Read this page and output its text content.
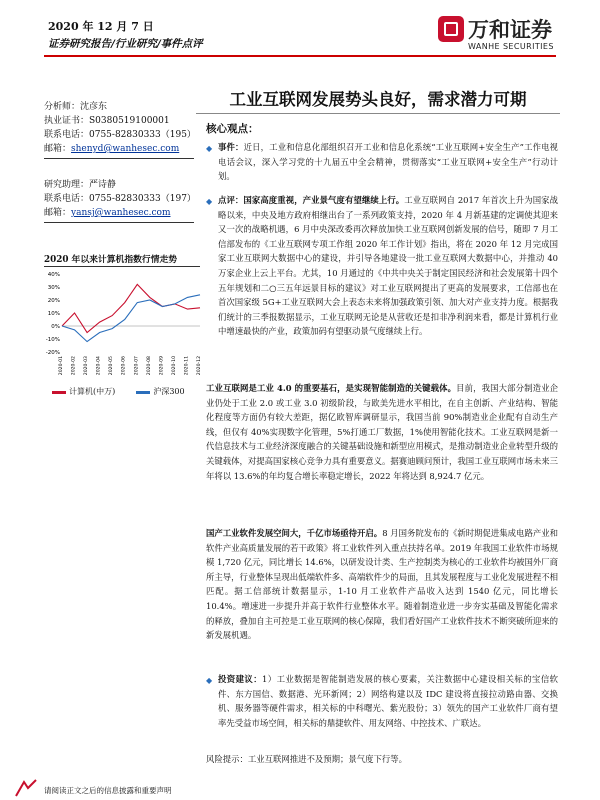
2020 年 12 月 7 日
证券研究报告/行业研究/事件点评
万和证券
WANHE SECURITIES
分析师：沈彦东
执业证书：S0380519100001
联系电话：0755-82830333（195）
邮箱：shenyd@wanhesec.com
研究助理：严诗静
联系电话：0755-82830333（197）
邮箱：yansj@wanhesec.com
2020 年以来计算机指数行情走势
40%
30%
20%
10%
0%
-10%
-20%
2020-01 2020-02 2020-03 2020-04 2020-05 2020-06 2020-07 2020-08 2020-09 2020-10 2020-11 2020-12
计算机(中万)	沪深300
工业互联网发展势头良好，需求潜力可期
核心观点：
◆ 事件：近日，工业和信息化部组织召开工业和信息化系统“工业互联网+安全生产”工作电视电话会议，深入学习党的十九届五中全会精神，贯彻落实“工业互联网+安全生产”行动计划。
◆ 点评：国家高度重视，产业景气度有望继续上行。工业互联网自 2017 年首次上升为国家战略以来，中央及地方政府相继出台了一系列政策支持，2020 年 4 月新基建的定调使其迎来又一次的战略机遇，6 月中央深改委再次释放加快工业互联网创新发展的信号，随即 7 月工信部发布的《工业互联网专项工作组 2020 年工作计划》指出，将在 2020 年 12 月完成国家工业互联网大数据中心的建设，并引导各地建设一批工业互联网大数据中心，并推动 40 万家企业上云上平台。尤其，10 月通过的《中共中央关于制定国民经济和社会发展第十四个五年规划和二○三五年远景目标的建议》对工业互联网提出了更高的发展要求，工信部也在首次国家级 5G+工业互联网大会上表态未来将加强政策引领、加大对产业支持力度。根据我们统计的三季报数据显示，工业互联网无论是从营收还是扣非净利润来看，都是计算机行业中增速最快的产业，政策加码有望驱动景气度继续上行。
工业互联网是工业 4.0 的重要基石，是实现智能制造的关键载体。目前，我国大部分制造业企业仍处于工业 2.0 或工业 3.0 初级阶段，与欧美先进水平相比，在自主创新、产业结构、智能化程度等方面仍有较大差距，据亿欧智库调研显示，我国当前 90%制造业企业配有自动生产线，但仅有 40%实现数字化管理，5%打通工厂数据，1%使用智能化技术。工业互联网是新一代信息技术与工业经济深度融合的关键基础设施和新型应用模式，是推动制造业企业转型升级的关键载体，对提高国家核心竞争力具有重要意义。据赛迪顾问预计，我国工业互联网市场未来三年将以 13.6%的年均复合增长率稳定增长，2022 年将达到 8,924.7 亿元。
国产工业软件发展空间大，千亿市场亟待开启。8 月国务院发布的《新时期促进集成电路产业和软件产业高质量发展的若干政策》将工业软件列入重点扶持名单。2019 年我国工业软件市场规模 1,720 亿元，同比增长 14.6%，以研发设计类、生产控制类为核心的工业软件均被国外厂商所主导，行业整体呈现出低端软件多、高端软件少的局面，且其发展程度与工业化发展进程不相匹配。据工信部统计数据显示，1-10 月工业软件产品收入达到 1540 亿元，同比增长 10.4%。增速进一步提升并高于软件行业整体水平。随着制造业进一步夯实基础及智能化需求的释放，叠加自主可控是工业互联网的核心保障，我们看好国产工业软件技术不断突破所迎来的新发展机遇。
◆ 投资建议：1）工业数据是智能制造发展的核心要素，关注数据中心建设相关标的宝信软件、东方国信、数据港、光环新网；2）网络构建以及 IDC 建设将直接拉动路由器、交换机、服务器等硬件需求，相关标的中科曙光、紫光股份；3）领先的国产工业软件厂商有望率先受益市场空间，相关标的鼎捷软件、用友网络、中控技术、广联达。
风险提示：工业互联网推进不及预期；景气度下行等。
请阅读正文之后的信息披露和重要声明
